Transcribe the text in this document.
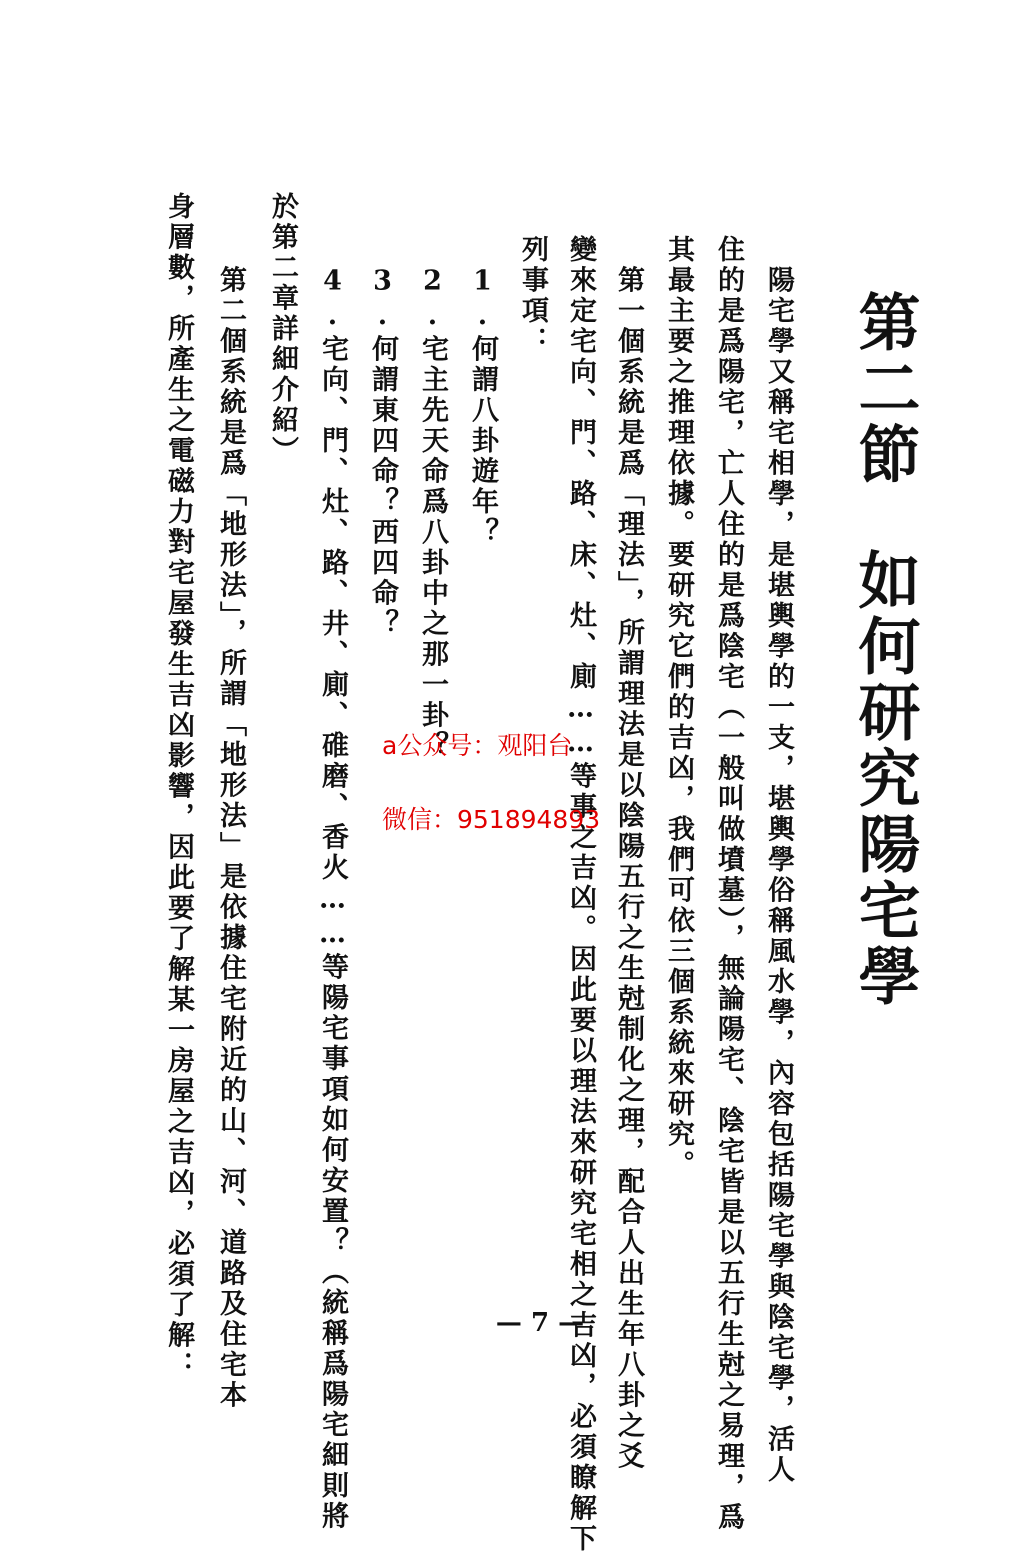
第二節　如何研究陽宅學
　陽宅學又稱宅相學，是堪輿學的一支，堪輿學俗稱風水學，內容包括陽宅學與陰宅學，活人
住的是爲陽宅，亡人住的是爲陰宅（一般叫做墳墓），無論陽宅、陰宅皆是以五行生尅之易理，爲
其最主要之推理依據。要研究它們的吉凶，我們可依三個系統來研究。
　第一個系統是爲「理法」，所謂理法是以陰陽五行之生尅制化之理，配合人出生年八卦之爻
變來定宅向、門、路、床、灶、廁……等事之吉凶。因此要以理法來研究宅相之吉凶，必須瞭解下
列事項：
　1.何謂八卦遊年？
　2.宅主先天命爲八卦中之那一卦？
　3.何謂東四命？西四命？
　4.宅向、門、灶、路、井、廁、碓磨、香火……等陽宅事項如何安置？（統稱爲陽宅細則將
於第二章詳細介紹）
　第二個系統是爲「地形法」，所謂「地形法」是依據住宅附近的山、河、道路及住宅本
身層數，所產生之電磁力對宅屋發生吉凶影響，因此要了解某一房屋之吉凶，必須了解：	— 7 —
a公众号：观阳台
微信：951894893
